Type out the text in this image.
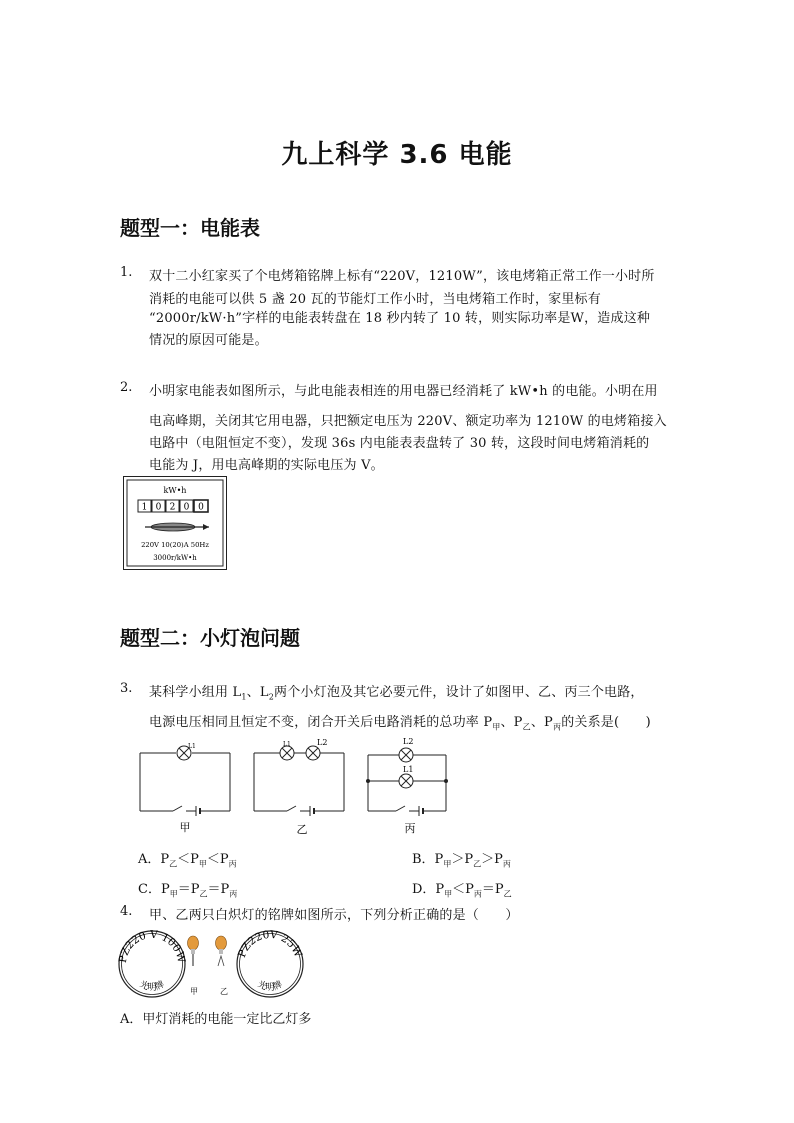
九上科学 3.6 电能
题型一：电能表
1. 双十二小红家买了个电烤箱铭牌上标有“220V，1210W”，该电烤箱正常工作一小时所
消耗的电能可以供 5 盏 20 瓦的节能灯工作小时，当电烤箱工作时，家里标有
“2000r/kW·h”字样的电能表转盘在 18 秒内转了 10 转，则实际功率是W，造成这种
情况的原因可能是。
2. 小明家电能表如图所示，与此电能表相连的用电器已经消耗了 kW•h 的电能。小明在用
电高峰期，关闭其它用电器，只把额定电压为 220V、额定功率为 1210W 的电烤箱接入
电路中（电阻恒定不变），发现 36s 内电能表表盘转了 30 转，这段时间电烤箱消耗的
电能为 J，用电高峰期的实际电压为 V。
kW•h
1 0 2 0 0
220V 10(20)A 50Hz
3000r/kW•h
题型二：小灯泡问题
3. 某科学小组用 $L_1$、$L_2$两个小灯泡及其它必要元件，设计了如图甲、乙、丙三个电路，
电源电压相同且恒定不变，闭合开关后电路消耗的总功率 $P_甲$、$P_乙$、$P_丙$的关系是(　　)
L1	L1	L2	L2
L1
甲	乙	丙
A．$P_乙<P_甲<P_丙$	B．$P_甲>P_乙>P_丙$
C．$P_甲=P_乙=P_丙$	D．$P_甲<P_丙=P_乙$
4. 甲、乙两只白炽灯的铭牌如图所示，下列分析正确的是（　　）
PZ220 V 100W
光明牌	甲	乙
PZ220V 25W
光明牌
A．甲灯消耗的电能一定比乙灯多
